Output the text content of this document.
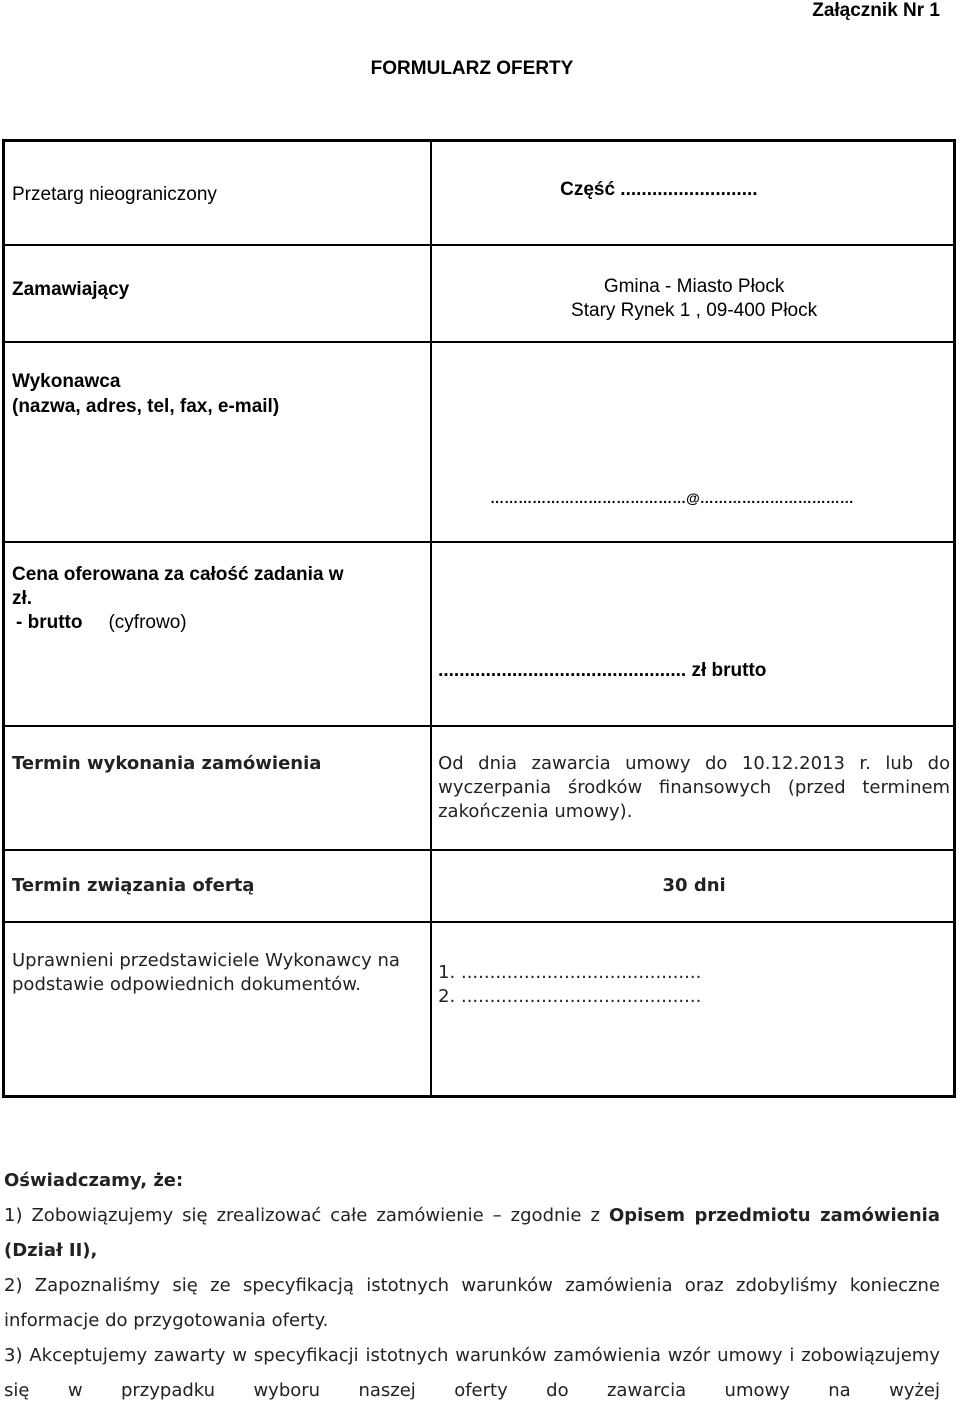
Załącznik Nr 1
FORMULARZ OFERTY
Przetarg nieograniczony	Część ..........................

Zamawiający	Gmina - Miasto Płock
Stary Rynek 1 , 09-400 Płock

Wykonawca
(nazwa, adres, tel, fax, e-mail)	……………………………………@……………………………

Cena oferowana za całość zadania w
zł.
- brutto (cyfrowo)	............................................... zł brutto

Termin wykonania zamówienia	Od dnia zawarcia umowy do 10.12.2013 r. lub do wyczerpania środków finansowych (przed terminem zakończenia umowy).

Termin związania ofertą	30 dni

Uprawnieni przedstawiciele Wykonawcy na podstawie odpowiednich dokumentów.	1. ..........................................
2. ..........................................

Oświadczamy, że:

1) Zobowiązujemy się zrealizować całe zamówienie – zgodnie z Opisem przedmiotu zamówienia (Dział II),

2) Zapoznaliśmy się ze specyfikacją istotnych warunków zamówienia oraz zdobyliśmy konieczne informacje do przygotowania oferty.

3) Akceptujemy zawarty w specyfikacji istotnych warunków zamówienia wzór umowy i zobowiązujemy się w przypadku wyboru naszej oferty do zawarcia umowy na wyżej
